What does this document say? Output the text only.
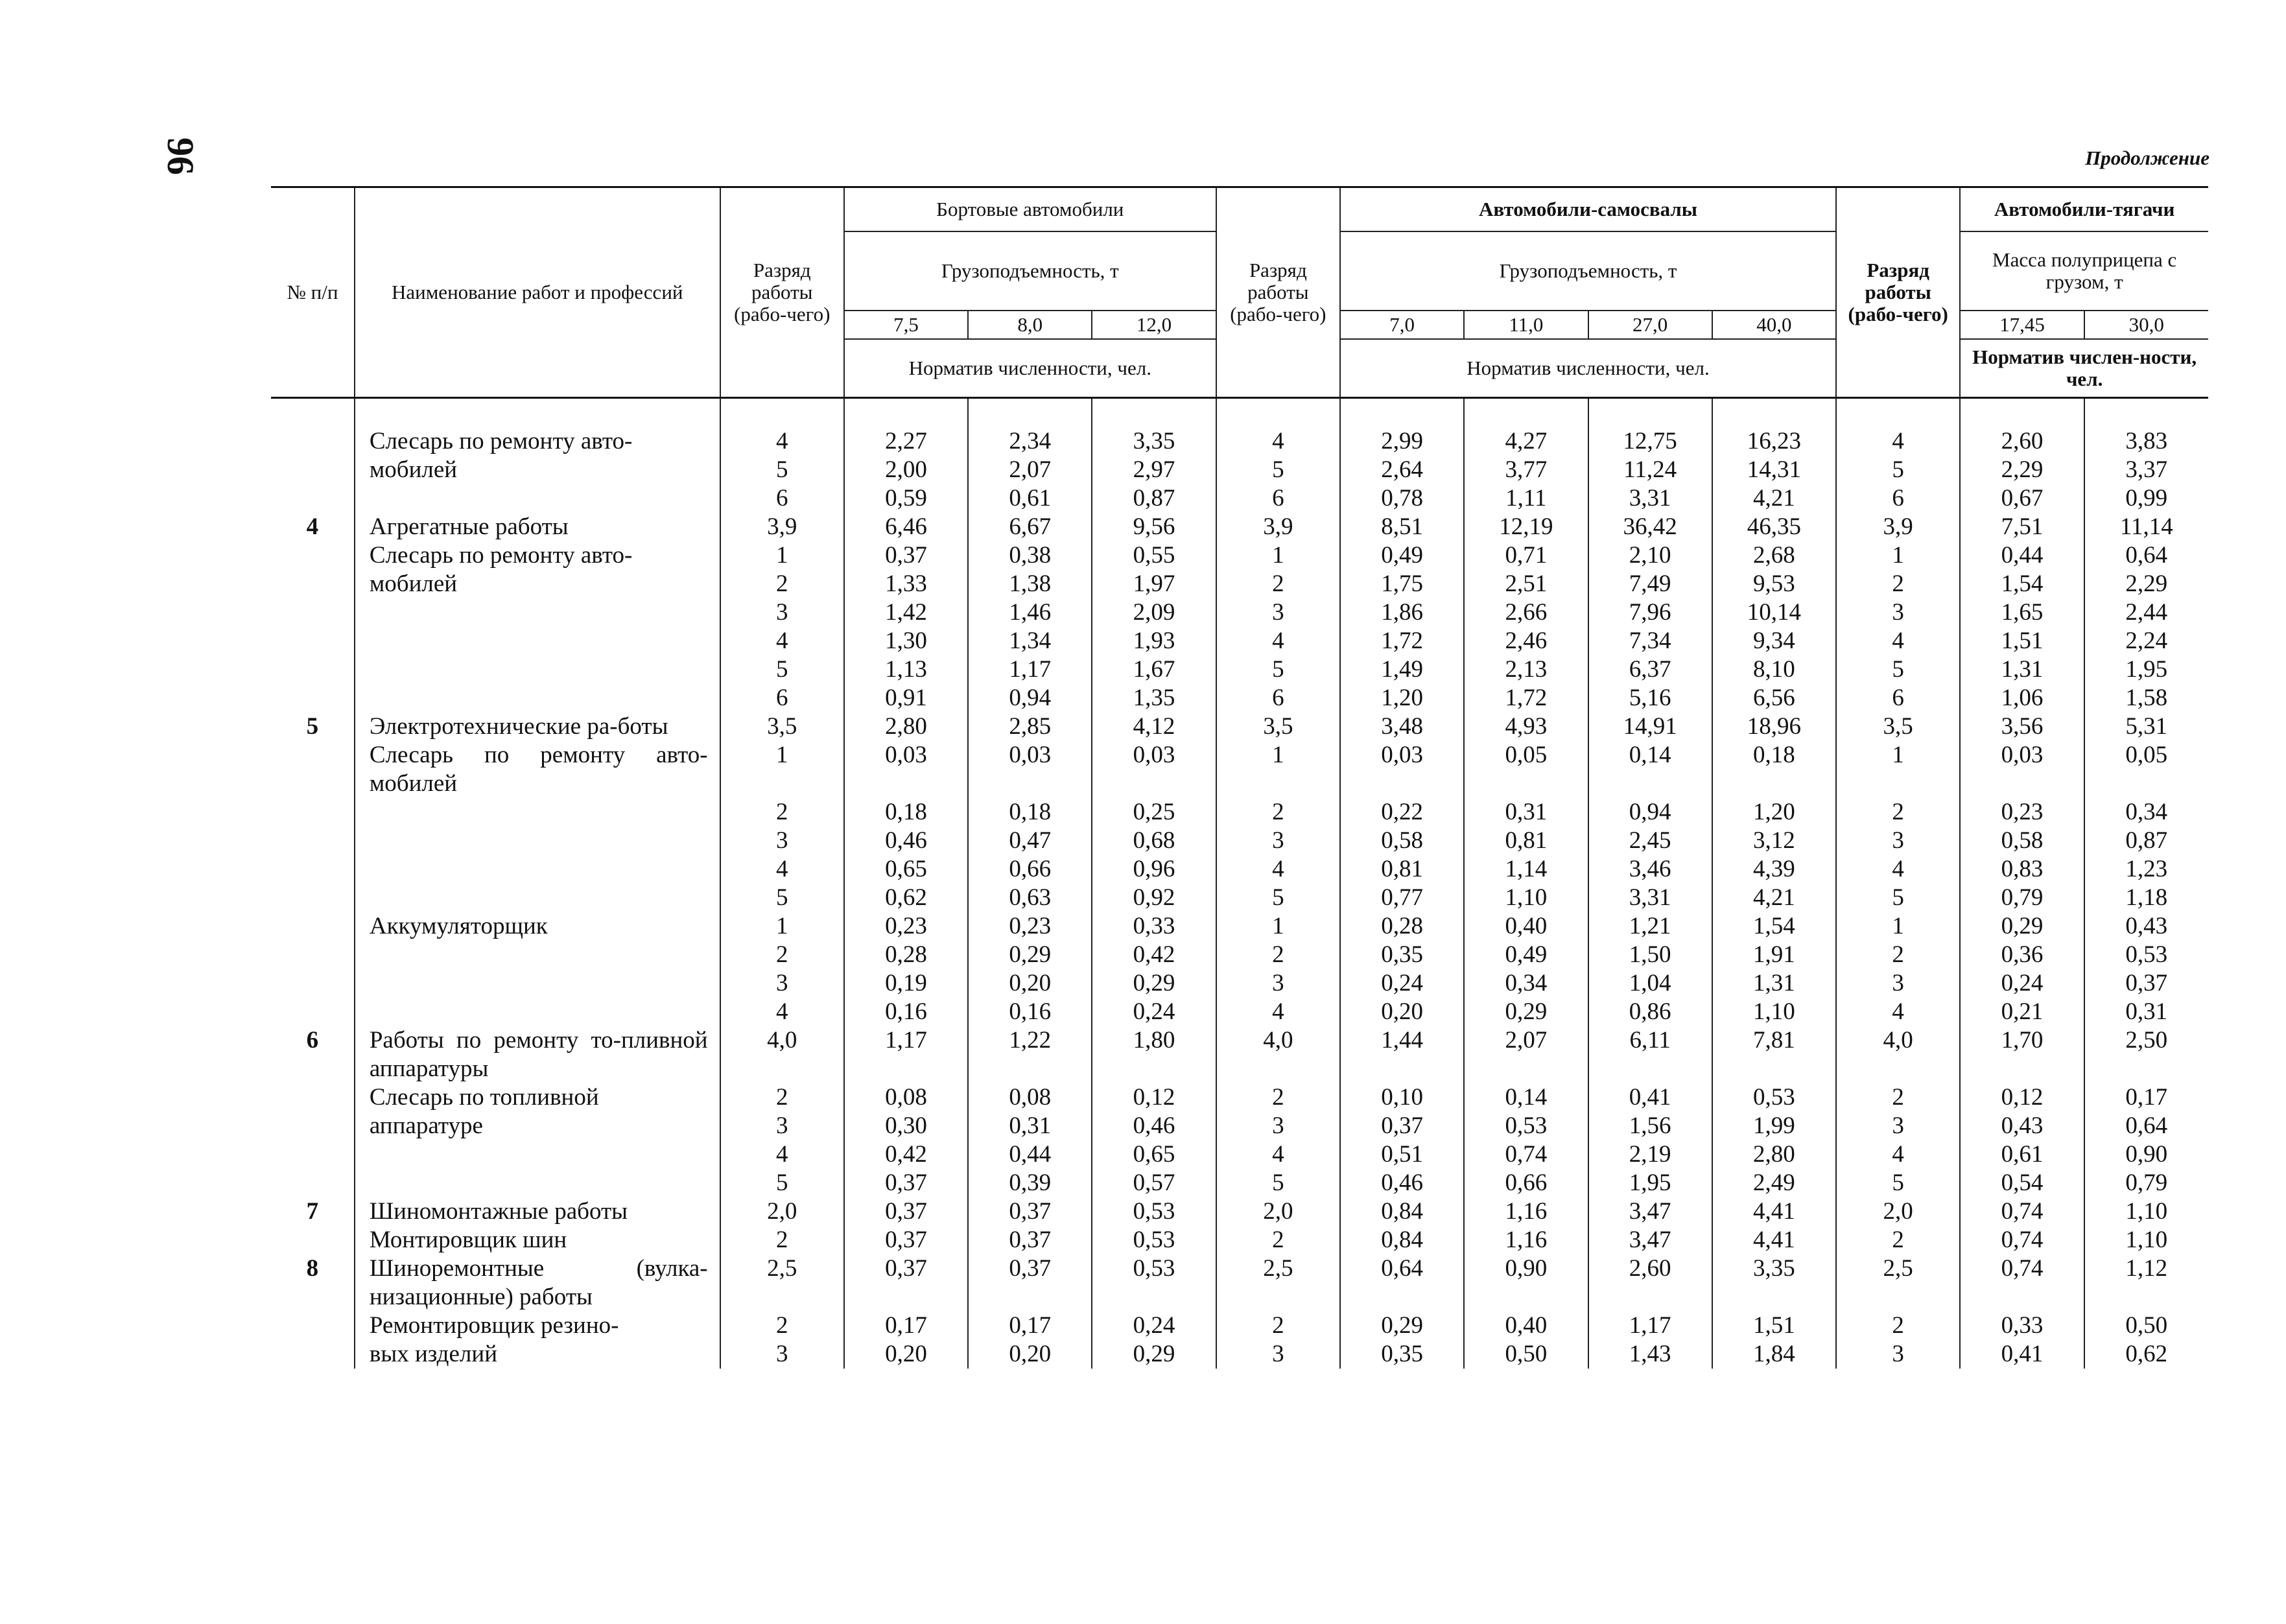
96	Продолжение
№ п/п	Наименование работ и профессий	Разряд работы (рабо-чего)	Бортовые автомобили			Разряд работы (рабо-чего)	Автомобили-самосвалы				Разряд работы (рабо-чего)	Автомобили-тягачи	
			Грузоподъемность, т				Грузоподъемность, т					Масса полуприцепа с грузом, т	
			7,5	8,0	12,0		7,0	11,0	27,0	40,0		17,45	30,0
			Норматив численности, чел.				Норматив численности, чел.					Норматив числен-ности, чел.	
	Слесарь по ремонту авто-	4	2,27	2,34	3,35	4	2,99	4,27	12,75	16,23	4	2,60	3,83
	мобилей	5	2,00	2,07	2,97	5	2,64	3,77	11,24	14,31	5	2,29	3,37
		6	0,59	0,61	0,87	6	0,78	1,11	3,31	4,21	6	0,67	0,99
4	Агрегатные работы	3,9	6,46	6,67	9,56	3,9	8,51	12,19	36,42	46,35	3,9	7,51	11,14
	Слесарь по ремонту авто-	1	0,37	0,38	0,55	1	0,49	0,71	2,10	2,68	1	0,44	0,64
	мобилей	2	1,33	1,38	1,97	2	1,75	2,51	7,49	9,53	2	1,54	2,29
		3	1,42	1,46	2,09	3	1,86	2,66	7,96	10,14	3	1,65	2,44
		4	1,30	1,34	1,93	4	1,72	2,46	7,34	9,34	4	1,51	2,24
		5	1,13	1,17	1,67	5	1,49	2,13	6,37	8,10	5	1,31	1,95
		6	0,91	0,94	1,35	6	1,20	1,72	5,16	6,56	6	1,06	1,58
5	Электротехнические ра-боты	3,5	2,80	2,85	4,12	3,5	3,48	4,93	14,91	18,96	3,5	3,56	5,31
	Слесарь по ремонту авто-мобилей	1	0,03	0,03	0,03	1	0,03	0,05	0,14	0,18	1	0,03	0,05
		2	0,18	0,18	0,25	2	0,22	0,31	0,94	1,20	2	0,23	0,34
		3	0,46	0,47	0,68	3	0,58	0,81	2,45	3,12	3	0,58	0,87
		4	0,65	0,66	0,96	4	0,81	1,14	3,46	4,39	4	0,83	1,23
		5	0,62	0,63	0,92	5	0,77	1,10	3,31	4,21	5	0,79	1,18
	Аккумуляторщик	1	0,23	0,23	0,33	1	0,28	0,40	1,21	1,54	1	0,29	0,43
		2	0,28	0,29	0,42	2	0,35	0,49	1,50	1,91	2	0,36	0,53
		3	0,19	0,20	0,29	3	0,24	0,34	1,04	1,31	3	0,24	0,37
		4	0,16	0,16	0,24	4	0,20	0,29	0,86	1,10	4	0,21	0,31
6	Работы по ремонту то-пливной аппаратуры	4,0	1,17	1,22	1,80	4,0	1,44	2,07	6,11	7,81	4,0	1,70	2,50
	Слесарь по топливной	2	0,08	0,08	0,12	2	0,10	0,14	0,41	0,53	2	0,12	0,17
	аппаратуре	3	0,30	0,31	0,46	3	0,37	0,53	1,56	1,99	3	0,43	0,64
		4	0,42	0,44	0,65	4	0,51	0,74	2,19	2,80	4	0,61	0,90
		5	0,37	0,39	0,57	5	0,46	0,66	1,95	2,49	5	0,54	0,79
7	Шиномонтажные работы	2,0	0,37	0,37	0,53	2,0	0,84	1,16	3,47	4,41	2,0	0,74	1,10
	Монтировщик шин	2	0,37	0,37	0,53	2	0,84	1,16	3,47	4,41	2	0,74	1,10
8	Шиноремонтные (вулка-низационные) работы	2,5	0,37	0,37	0,53	2,5	0,64	0,90	2,60	3,35	2,5	0,74	1,12
	Ремонтировщик резино-	2	0,17	0,17	0,24	2	0,29	0,40	1,17	1,51	2	0,33	0,50
	вых изделий	3	0,20	0,20	0,29	3	0,35	0,50	1,43	1,84	3	0,41	0,62
